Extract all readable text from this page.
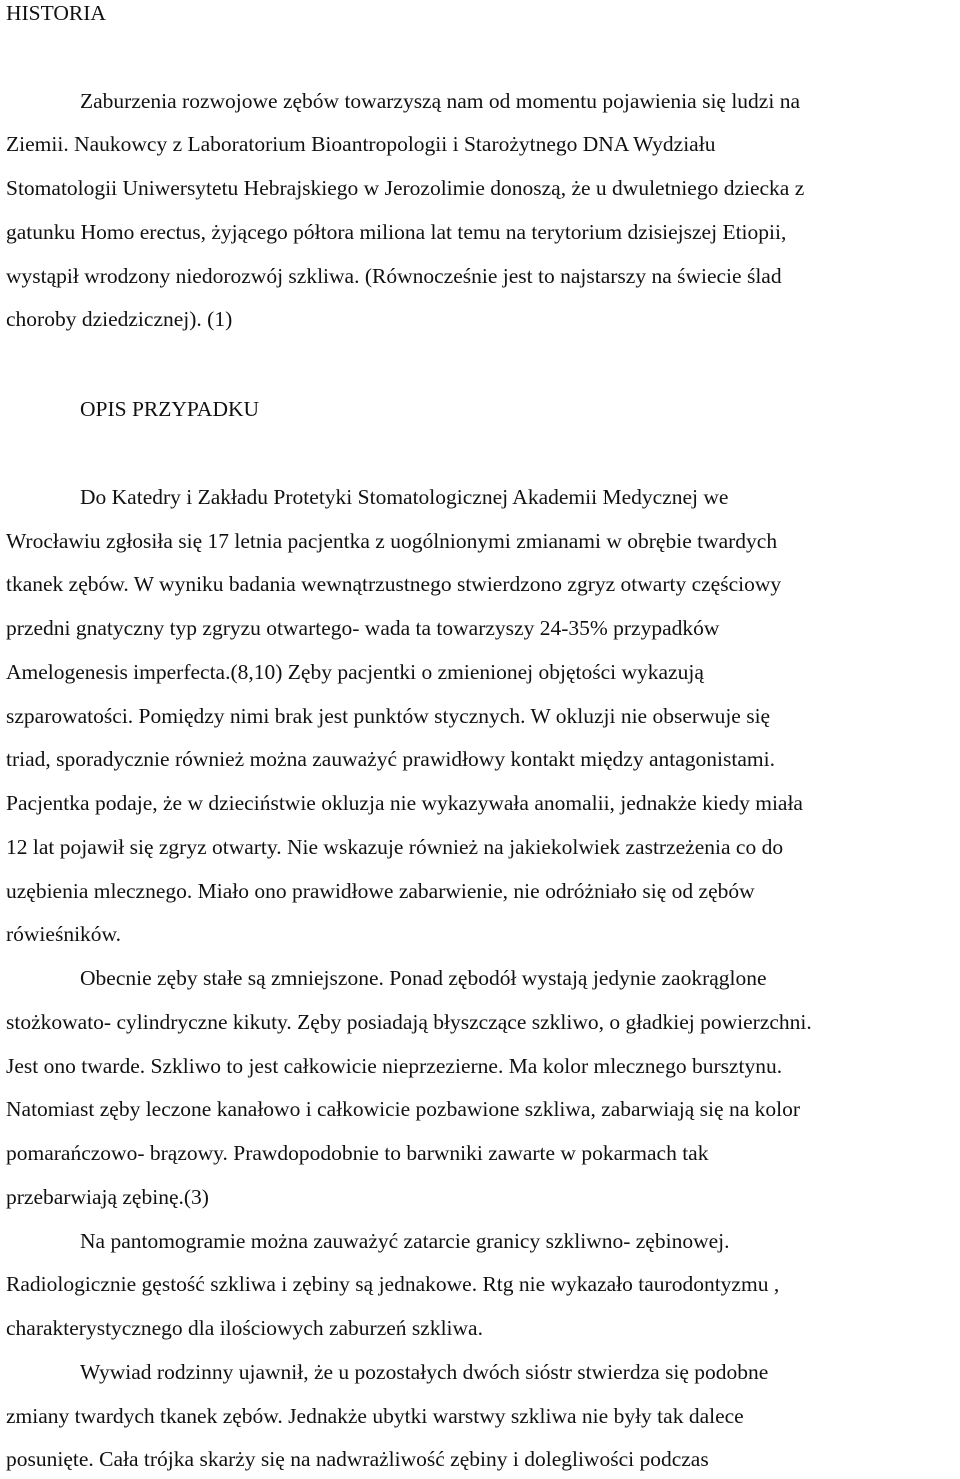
HISTORIA
Zaburzenia rozwojowe zębów towarzyszą nam od momentu pojawienia się ludzi na
Ziemii. Naukowcy z Laboratorium Bioantropologii i Starożytnego DNA Wydziału
Stomatologii Uniwersytetu Hebrajskiego w Jerozolimie donoszą, że u dwuletniego dziecka z
gatunku Homo erectus, żyjącego półtora miliona lat temu na terytorium dzisiejszej Etiopii,
wystąpił wrodzony niedorozwój szkliwa. (Równocześnie jest to najstarszy na świecie ślad
choroby dziedzicznej). (1)
OPIS PRZYPADKU
Do Katedry i Zakładu Protetyki Stomatologicznej Akademii Medycznej we
Wrocławiu zgłosiła się 17 letnia pacjentka z uogólnionymi zmianami w obrębie twardych
tkanek zębów. W wyniku badania wewnątrzustnego stwierdzono zgryz otwarty częściowy
przedni gnatyczny typ zgryzu otwartego- wada ta towarzyszy 24-35% przypadków
Amelogenesis imperfecta.(8,10) Zęby pacjentki o zmienionej objętości wykazują
szparowatości. Pomiędzy nimi brak jest punktów stycznych. W okluzji nie obserwuje się
triad, sporadycznie również można zauważyć prawidłowy kontakt między antagonistami.
Pacjentka podaje, że w dzieciństwie okluzja nie wykazywała anomalii, jednakże kiedy miała
12 lat pojawił się zgryz otwarty. Nie wskazuje również na jakiekolwiek zastrzeżenia co do
uzębienia mlecznego. Miało ono prawidłowe zabarwienie, nie odróżniało się od zębów
rówieśników.
Obecnie zęby stałe są zmniejszone. Ponad zębodół wystają jedynie zaokrąglone
stożkowato- cylindryczne kikuty. Zęby posiadają błyszczące szkliwo, o gładkiej powierzchni.
Jest ono twarde. Szkliwo to jest całkowicie nieprzezierne. Ma kolor mlecznego bursztynu.
Natomiast zęby leczone kanałowo i całkowicie pozbawione szkliwa, zabarwiają się na kolor
pomarańczowo- brązowy. Prawdopodobnie to barwniki zawarte w pokarmach tak
przebarwiają zębinę.(3)
Na pantomogramie można zauważyć zatarcie granicy szkliwno- zębinowej.
Radiologicznie gęstość szkliwa i zębiny są jednakowe. Rtg nie wykazało taurodontyzmu ,
charakterystycznego dla ilościowych zaburzeń szkliwa.
Wywiad rodzinny ujawnił, że u pozostałych dwóch sióstr stwierdza się podobne
zmiany twardych tkanek zębów. Jednakże ubytki warstwy szkliwa nie były tak dalece
posunięte. Cała trójka skarży się na nadwrażliwość zębiny i dolegliwości podczas
